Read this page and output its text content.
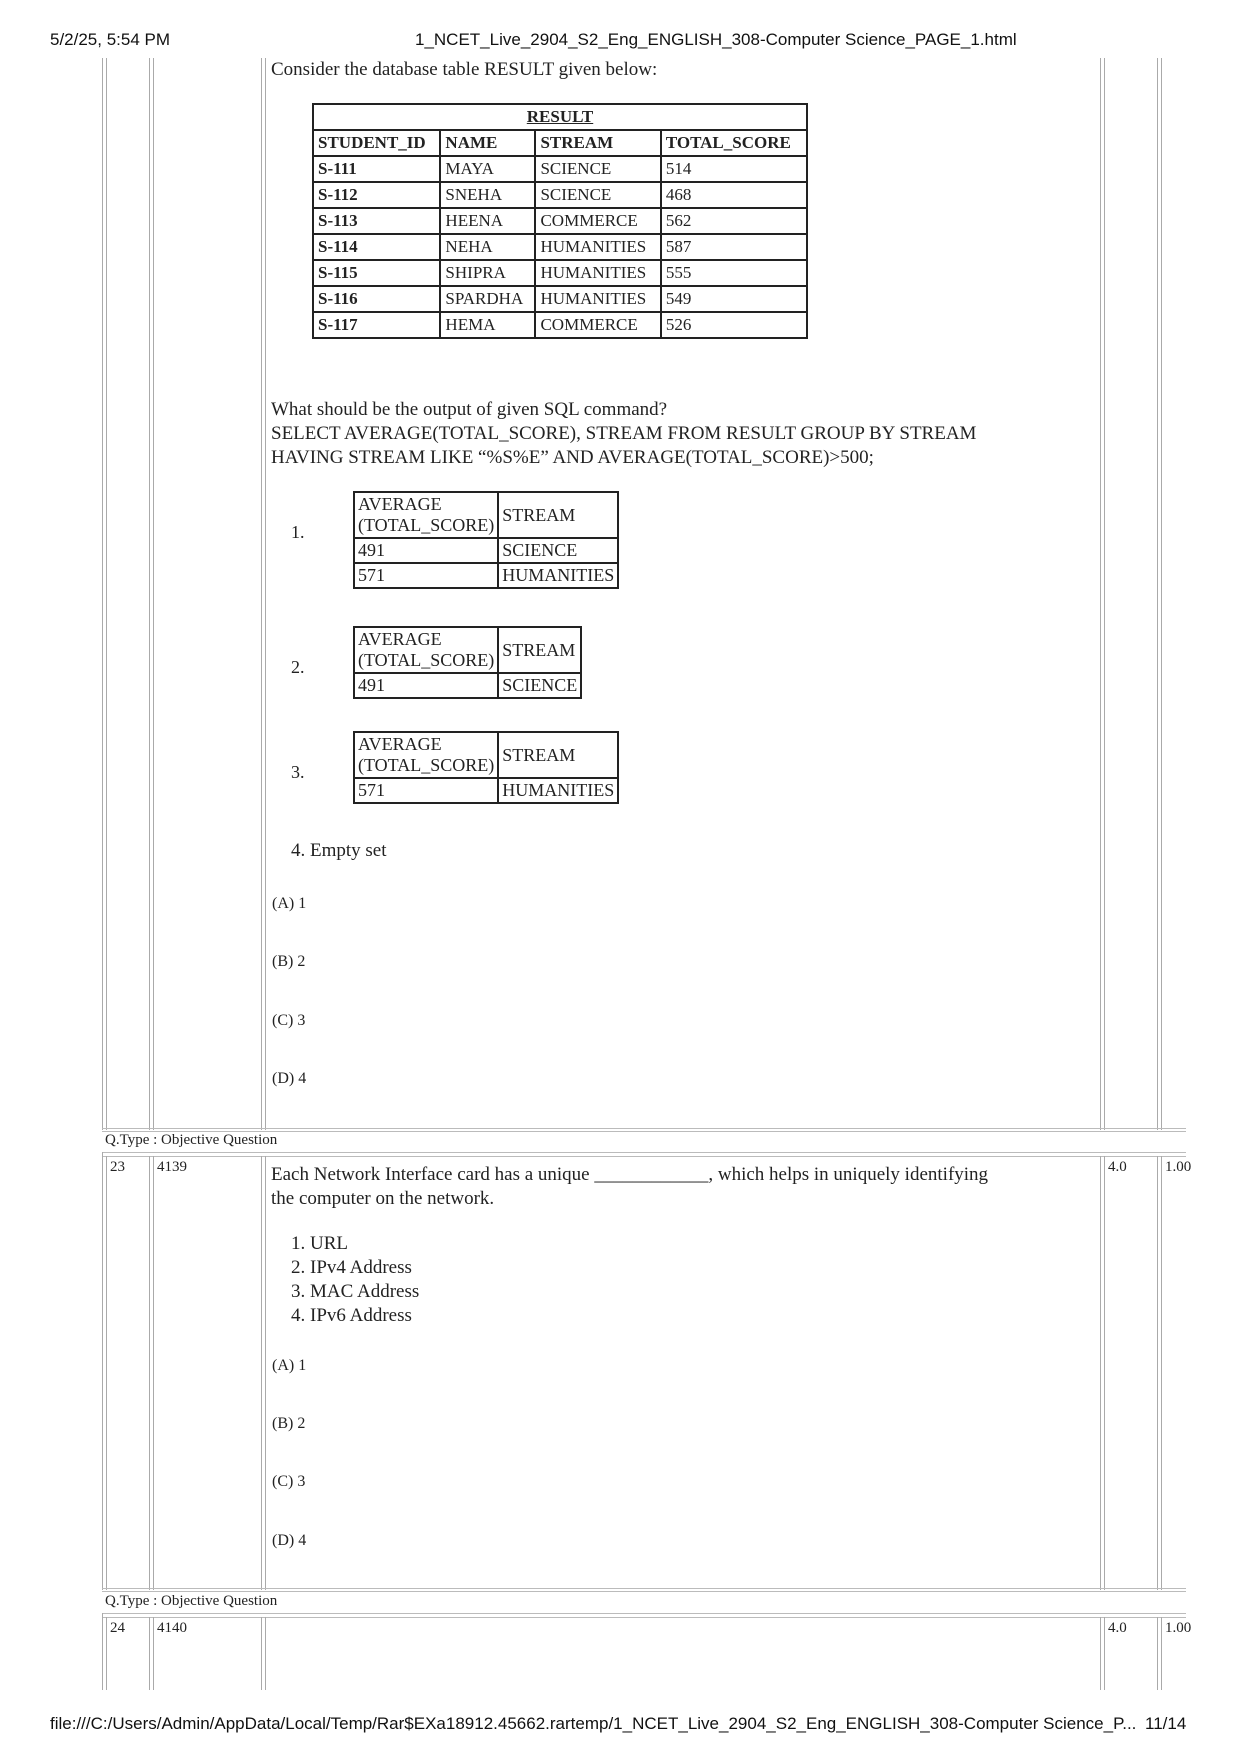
5/2/25, 5:54 PM	1_NCET_Live_2904_S2_Eng_ENGLISH_308-Computer Science_PAGE_1.html
Consider the database table RESULT given below:
RESULT			
STUDENT_ID	NAME	STREAM	TOTAL_SCORE
S-111	MAYA	SCIENCE	514
S-112	SNEHA	SCIENCE	468
S-113	HEENA	COMMERCE	562
S-114	NEHA	HUMANITIES	587
S-115	SHIPRA	HUMANITIES	555
S-116	SPARDHA	HUMANITIES	549
S-117	HEMA	COMMERCE	526
What should be the output of given SQL command?
SELECT AVERAGE(TOTAL_SCORE), STREAM FROM RESULT GROUP BY STREAM
HAVING STREAM LIKE “%S%E” AND AVERAGE(TOTAL_SCORE)>500;
1.
AVERAGE
(TOTAL_SCORE)	STREAM
491	SCIENCE
571	HUMANITIES
2.
AVERAGE
(TOTAL_SCORE)	STREAM
491	SCIENCE
3.
AVERAGE
(TOTAL_SCORE)	STREAM
571	HUMANITIES
4. Empty set
(A) 1
(B) 2
(C) 3
(D) 4
Q.Type : Objective Question
23 4139	4.0	1.00
Each Network Interface card has a unique ____________, which helps in uniquely identifying
the computer on the network.
1. URL
2. IPv4 Address
3. MAC Address
4. IPv6 Address
(A) 1
(B) 2
(C) 3
(D) 4
Q.Type : Objective Question
24 4140	4.0	1.00
file:///C:/Users/Admin/AppData/Local/Temp/Rar$EXa18912.45662.rartemp/1_NCET_Live_2904_S2_Eng_ENGLISH_308-Computer Science_P... 11/14
